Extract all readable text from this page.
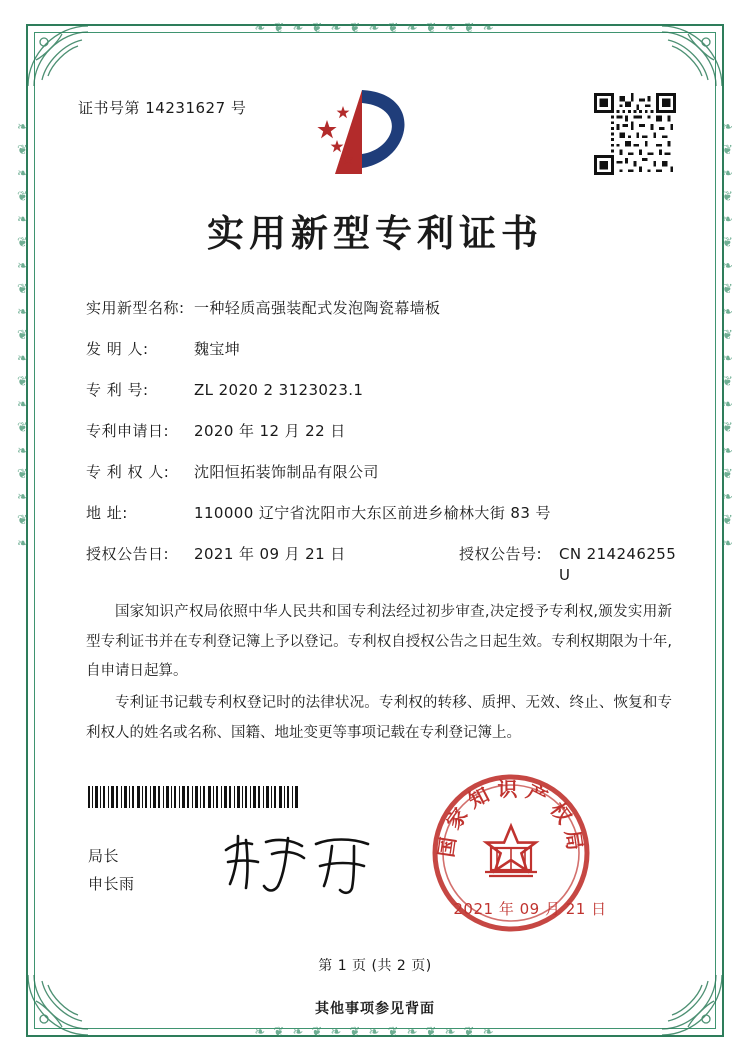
❧ ❦ ❧ ❦ ❧ ❦ ❧ ❦ ❧ ❦ ❧ ❦ ❧
❧ ❦ ❧ ❦ ❧ ❦ ❧ ❦ ❧ ❦ ❧ ❦ ❧
❧ ❦ ❧ ❦ ❧ ❦ ❧ ❦ ❧ ❦ ❧ ❦ ❧ ❦ ❧ ❦ ❧ ❦ ❧	❧ ❦ ❧ ❦ ❧ ❦ ❧ ❦ ❧ ❦ ❧ ❦ ❧ ❦ ❧ ❦ ❧ ❦ ❧
证书号第 14231627 号
实用新型专利证书
实用新型名称: 一种轻质高强装配式发泡陶瓷幕墙板
发 明 人:	魏宝坤
专 利 号:	ZL 2020 2 3123023.1
专利申请日:	2020 年 12 月 22 日
专 利 权 人:	沈阳恒拓装饰制品有限公司
地 址:	110000 辽宁省沈阳市大东区前进乡榆林大街 83 号
授权公告日:	2021 年 09 月 21 日	授权公告号:	CN 214246255 U

国家知识产权局依照中华人民共和国专利法经过初步审查,决定授予专利权,颁发实用新型专利证书并在专利登记簿上予以登记。专利权自授权公告之日起生效。专利权期限为十年,自申请日起算。

专利证书记载专利权登记时的法律状况。专利权的转移、质押、无效、终止、恢复和专利权人的姓名或名称、国籍、地址变更等事项记载在专利登记簿上。

局长
申长雨
国家知识产权局
2021 年 09 月 21 日
第 1 页 (共 2 页)
其他事项参见背面
